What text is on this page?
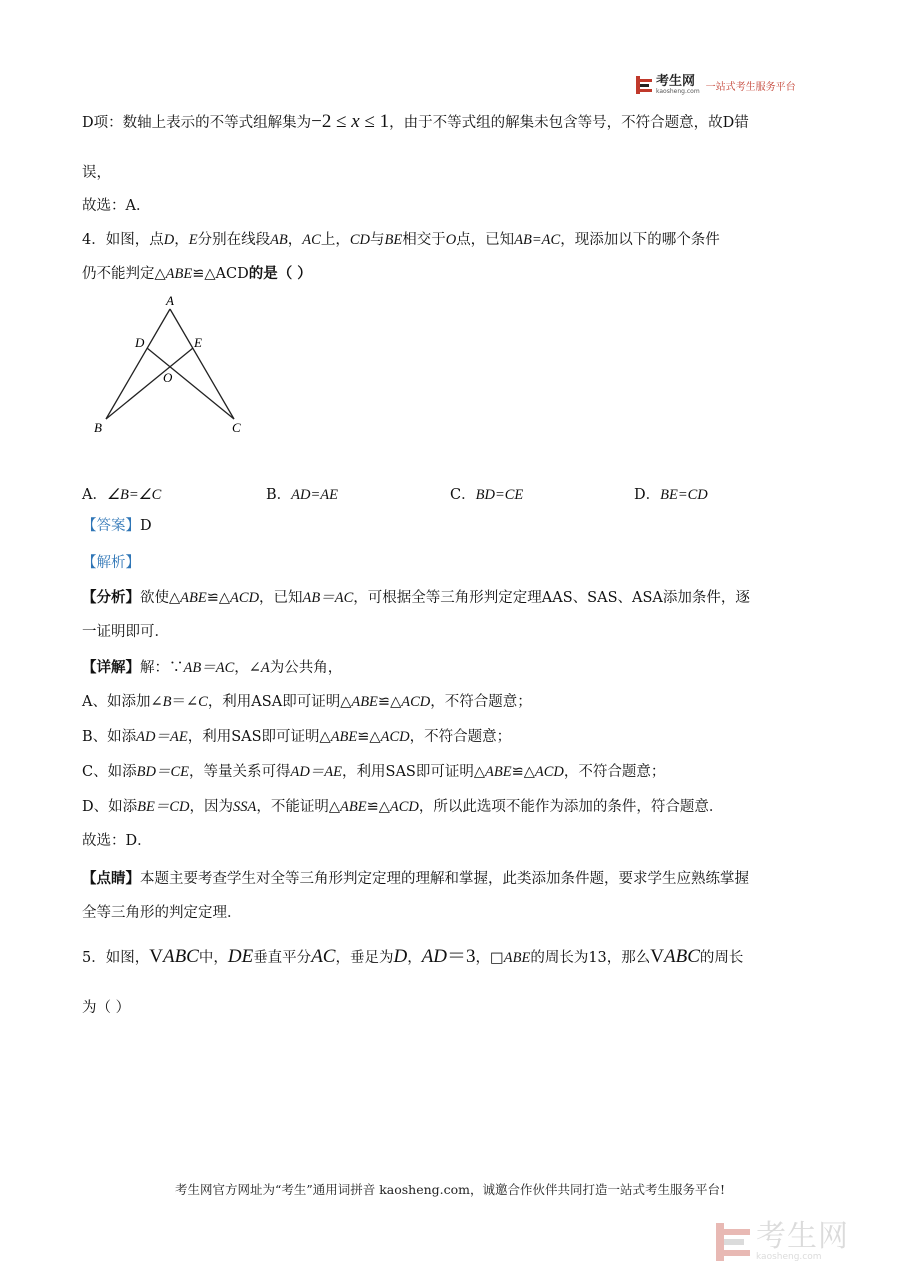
考生网
kaosheng.com 一站式考生服务平台
D项：数轴上表示的不等式组解集为−2 ≤ x ≤ 1，由于不等式组的解集未包含等号，不符合题意，故D错
误，
故选：A．
4．如图，点D，E分别在线段AB，AC上，CD与BE相交于O点，已知AB=AC，现添加以下的哪个条件
仍不能判定△ABE≌△ACD的是（ ）
A
D	E
O
B	C
A．∠B=∠C	B．AD=AE	C．BD=CE	D．BE=CD
【答案】D
【解析】
【分析】欲使△ABE≌△ACD，已知AB＝AC，可根据全等三角形判定定理AAS、SAS、ASA添加条件，逐
一证明即可．
【详解】解：∵AB＝AC，∠A为公共角，
A、如添加∠B＝∠C，利用ASA即可证明△ABE≌△ACD，不符合题意；
B、如添AD＝AE，利用SAS即可证明△ABE≌△ACD，不符合题意；
C、如添BD＝CE，等量关系可得AD＝AE，利用SAS即可证明△ABE≌△ACD，不符合题意；
D、如添BE＝CD，因为SSA，不能证明△ABE≌△ACD，所以此选项不能作为添加的条件，符合题意．
故选：D．
【点睛】本题主要考查学生对全等三角形判定定理的理解和掌握，此类添加条件题，要求学生应熟练掌握
全等三角形的判定定理．
5．如图，VABC中，DE垂直平分AC，垂足为D，AD＝3，□ABE的周长为13，那么VABC的周长
为（ ）
考生网官方网址为“考生”通用词拼音 kaosheng.com，诚邀合作伙伴共同打造一站式考生服务平台!
考生网
kaosheng.com
